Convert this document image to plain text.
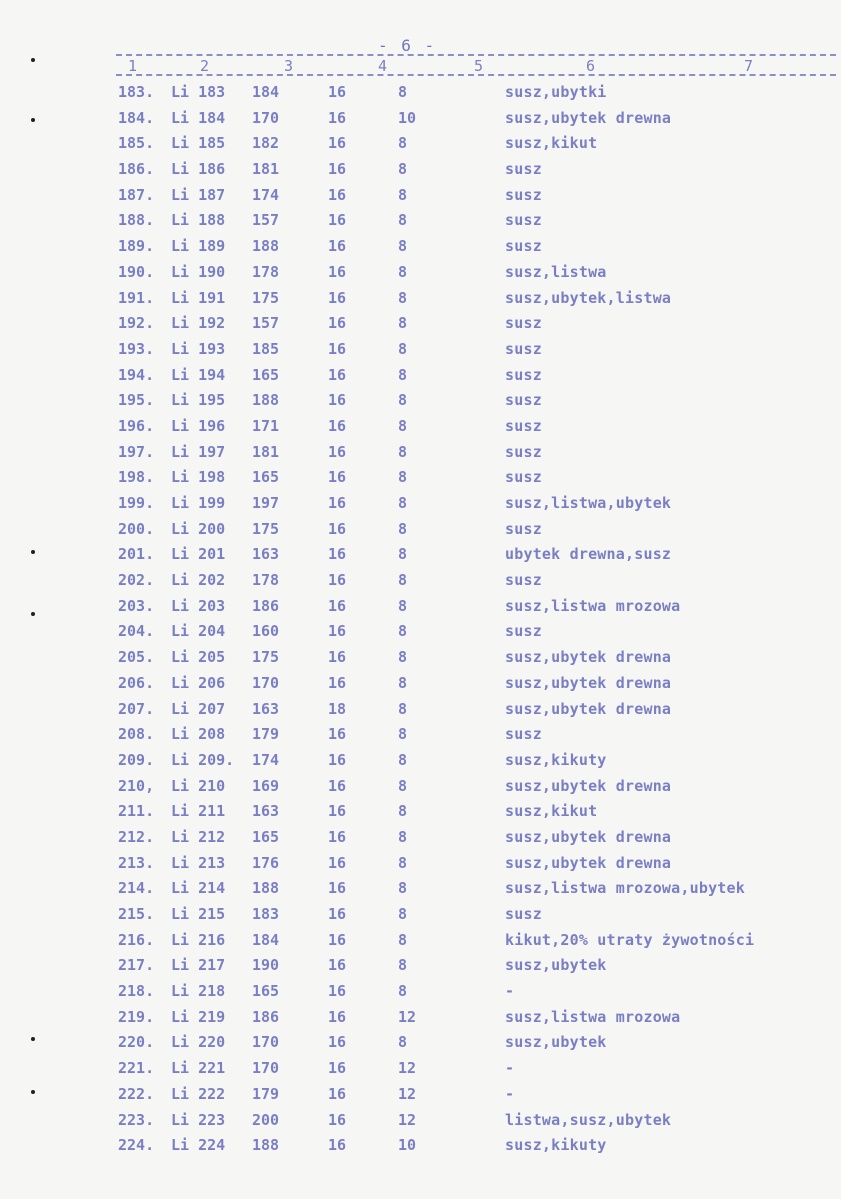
- 6 -
1	2	3	4	5	6	7
183. Li 183 184	16	8	susz,ubytki
184. Li 184 170	16	10	susz,ubytek drewna
185. Li 185 182	16	8	susz,kikut
186. Li 186 181	16	8	susz
187. Li 187 174	16	8	susz
188. Li 188 157	16	8	susz
189. Li 189 188	16	8	susz
190. Li 190 178	16	8	susz,listwa
191. Li 191 175	16	8	susz,ubytek,listwa
192. Li 192 157	16	8	susz
193. Li 193 185	16	8	susz
194. Li 194 165	16	8	susz
195. Li 195 188	16	8	susz
196. Li 196 171	16	8	susz
197. Li 197 181	16	8	susz
198. Li 198 165	16	8	susz
199. Li 199 197	16	8	susz,listwa,ubytek
200. Li 200 175	16	8	susz
201. Li 201 163	16	8	ubytek drewna,susz
202. Li 202 178	16	8	susz
203. Li 203 186	16	8	susz,listwa mrozowa
204. Li 204 160	16	8	susz
205. Li 205 175	16	8	susz,ubytek drewna
206. Li 206 170	16	8	susz,ubytek drewna
207. Li 207 163	18	8	susz,ubytek drewna
208. Li 208 179	16	8	susz
209. Li 209. 174	16	8	susz,kikuty
210, Li 210 169	16	8	susz,ubytek drewna
211. Li 211 163	16	8	susz,kikut
212. Li 212 165	16	8	susz,ubytek drewna
213. Li 213 176	16	8	susz,ubytek drewna
214. Li 214 188	16	8	susz,listwa mrozowa,ubytek
215. Li 215 183	16	8	susz
216. Li 216 184	16	8	kikut,20% utraty żywotności
217. Li 217 190	16	8	susz,ubytek
218. Li 218 165	16	8	-
219. Li 219 186	16	12	susz,listwa mrozowa
220. Li 220 170	16	8	susz,ubytek
221. Li 221 170	16	12	-
222. Li 222 179	16	12	-
223. Li 223 200	16	12	listwa,susz,ubytek
224. Li 224 188	16	10	susz,kikuty
